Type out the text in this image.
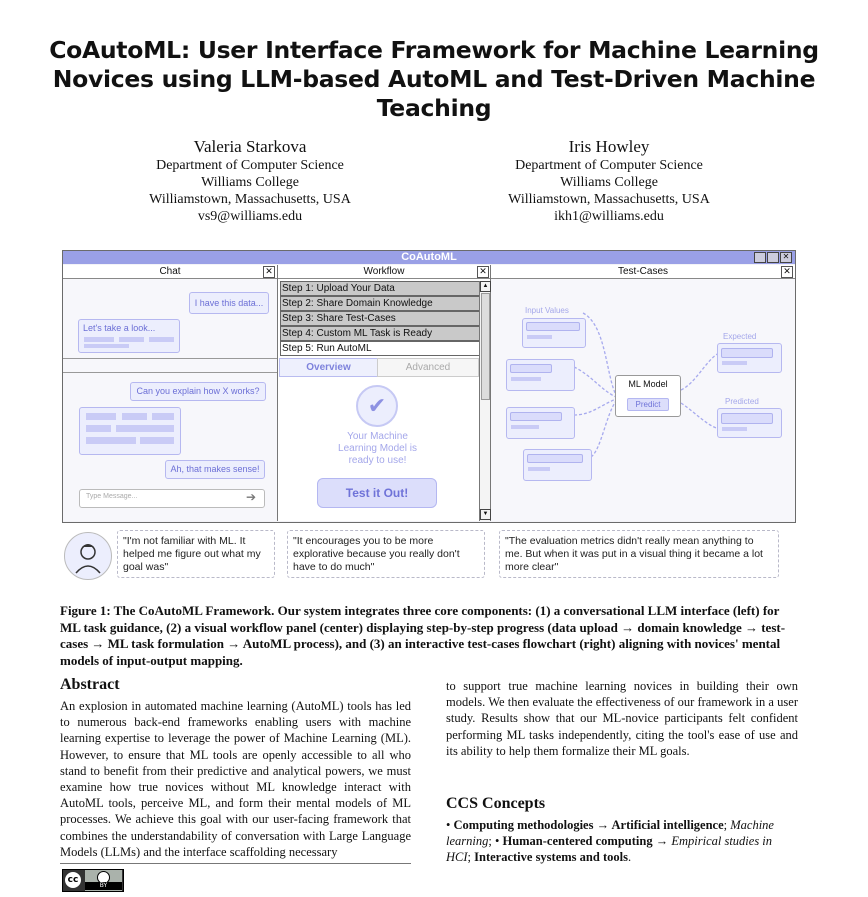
CoAutoML: User Interface Framework for Machine Learning Novices using LLM-based AutoML and Test-Driven Machine Teaching
Valeria Starkova
Department of Computer Science
Williams College
Williamstown, Massachusetts, USA
vs9@williams.edu
Iris Howley
Department of Computer Science
Williams College
Williamstown, Massachusetts, USA
ikh1@williams.edu
CoAutoML	✕
Chat	✕
I have this data...
Let's take a look...
...
Can you explain how X works?
Ah, that makes sense!
Type Message...	➔
Workflow	✕
Step 1: Upload Your Data
Step 2: Share Domain Knowledge
Step 3: Share Test-Cases
Step 4: Custom ML Task is Ready
Step 5: Run AutoML
▲
▼
Overview	Advanced
✔
Your Machine Learning Model is ready to use!
Test it Out!
Test-Cases	✕
Input Values
ML Model
Predict
Expected
Predicted
"I'm not familiar with ML. It helped me figure out what my goal was"
"It encourages you to be more explorative because you really don't have to do much"
"The evaluation metrics didn't really mean anything to me. But when it was put in a visual thing it became a lot more clear"
Figure 1: The CoAutoML Framework. Our system integrates three core components: (1) a conversational LLM interface (left) for ML task guidance, (2) a visual workflow panel (center) displaying step-by-step progress (data upload → domain knowledge → test-cases → ML task formulation → AutoML process), and (3) an interactive test-cases flowchart (right) aligning with novices' mental models of input-output mapping.
Abstract
An explosion in automated machine learning (AutoML) tools has led to numerous back-end frameworks enabling users with machine learning expertise to leverage the power of Machine Learning (ML). However, to ensure that ML tools are openly accessible to all who stand to benefit from their predictive and analytical powers, we must examine how true novices without ML knowledge interact with AutoML tools, perceive ML, and form their mental models of ML processes. We achieve this goal with our user-facing framework that combines the understandability of conversation with Large Language Models (LLMs) and the interface scaffolding necessary
to support true machine learning novices in building their own models. We then evaluate the effectiveness of our framework in a user study. Results show that our ML-novice participants felt confident performing ML tasks independently, citing the tool's ease of use and its ability to help them formalize their ML goals.
CCS Concepts
• Computing methodologies → Artificial intelligence; Machine learning; • Human-centered computing → Empirical studies in HCI; Interactive systems and tools.
cc
BY
